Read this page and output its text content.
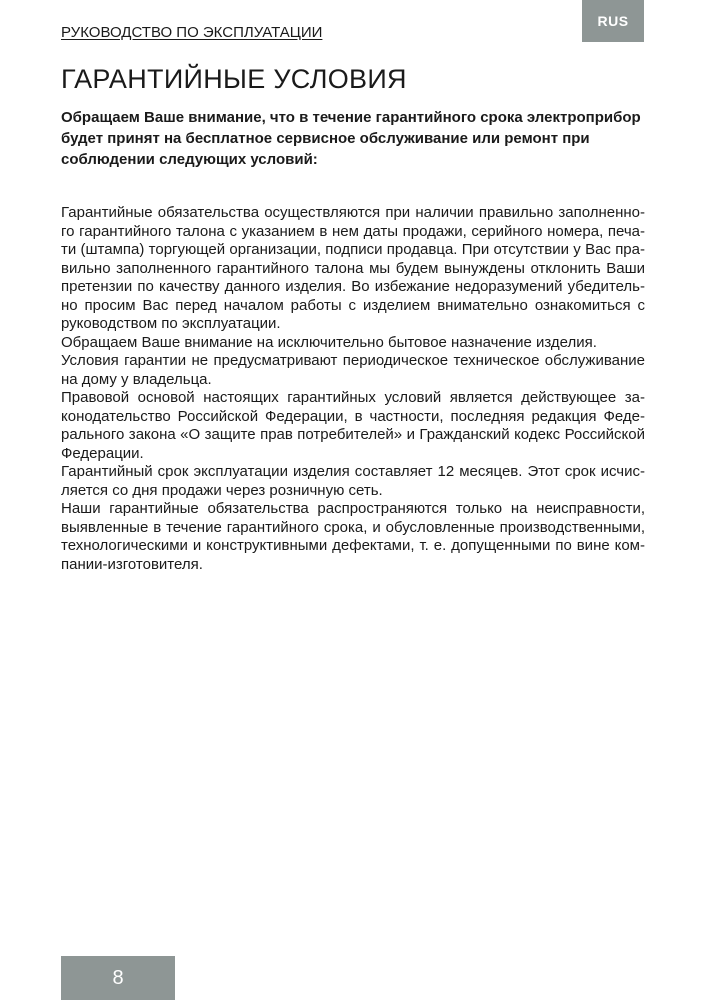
РУКОВОДСТВО ПО ЭКСПЛУАТАЦИИ
RUS
ГАРАНТИЙНЫЕ УСЛОВИЯ

Обращаем Ваше внимание, что в течение гарантийного срока электроприбор будет принят на бесплатное сервисное обслуживание или ремонт при соблюдении следующих условий:

Гарантийные обязательства осуществляются при наличии правильно заполненного гарантийного талона с указанием в нем даты продажи, серийного номера, печати (штампа) торгующей организации, подписи продавца. При отсутствии у Вас правильно заполненного гарантийного талона мы будем вынуждены отклонить Ваши претензии по качеству данного изделия. Во избежание недоразумений убедительно просим Вас перед началом работы с изделием внимательно ознакомиться с руководством по эксплуатации.

Обращаем Ваше внимание на исключительно бытовое назначение изделия.

Условия гарантии не предусматривают периодическое техническое обслуживание на дому у владельца.

Правовой основой настоящих гарантийных условий является действующее законодательство Российской Федерации, в частности, последняя редакция Федерального закона «О защите прав потребителей» и Гражданский кодекс Российской Федерации.

Гарантийный срок эксплуатации изделия составляет 12 месяцев. Этот срок исчисляется со дня продажи через розничную сеть.

Наши гарантийные обязательства распространяются только на неисправности, выявленные в течение гарантийного срока, и обусловленные производственными, технологическими и конструктивными дефектами, т. е. допущенными по вине компании-изготовителя.

8
